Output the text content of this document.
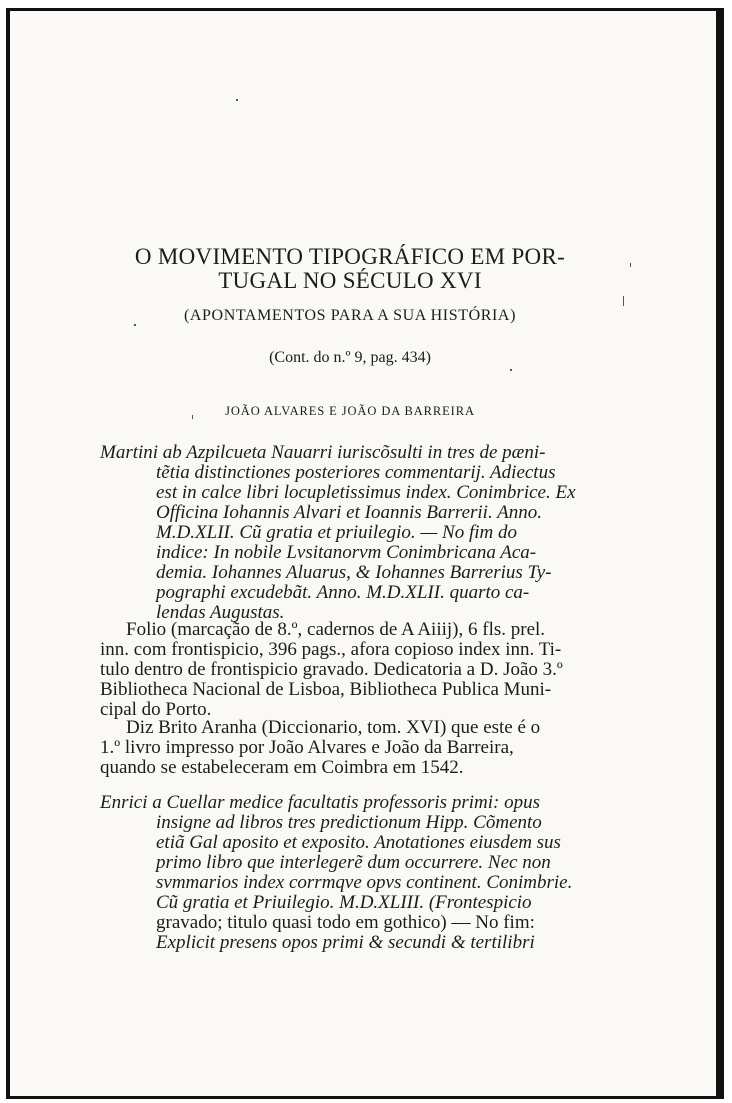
O MOVIMENTO TIPOGRÁFICO EM POR-
TUGAL NO SÉCULO XVI
(APONTAMENTOS PARA A SUA HISTÓRIA)
(Cont. do n.º 9, pag. 434)
JOÃO ALVARES E JOÃO DA BARREIRA
Martini ab Azpilcueta Nauarri iuriscõsulti in tres de pæni-
tẽtia distinctiones posteriores commentarij. Adiectus
est in calce libri locupletissimus index. Conimbrice. Ex
Officina Iohannis Alvari et Ioannis Barrerii. Anno.
M.D.XLII. Cũ gratia et priuilegio. — No fim do
indice: In nobile Lvsitanorvm Conimbricana Aca-
demia. Iohannes Aluarus, & Iohannes Barrerius Ty-
pographi excudebãt. Anno. M.D.XLII. quarto ca-
lendas Augustas.
Folio (marcação de 8.º, cadernos de A Aiiij), 6 fls. prel.
inn. com frontispicio, 396 pags., afora copioso index inn. Ti-
tulo dentro de frontispicio gravado. Dedicatoria a D. João 3.º
Bibliotheca Nacional de Lisboa, Bibliotheca Publica Muni-
cipal do Porto.
Diz Brito Aranha (Diccionario, tom. XVI) que este é o
1.º livro impresso por João Alvares e João da Barreira,
quando se estabeleceram em Coimbra em 1542.
Enrici a Cuellar medice facultatis professoris primi: opus
insigne ad libros tres predictionum Hipp. Cõmento
etiã Gal aposito et exposito. Anotationes eiusdem sus
primo libro que interlegerẽ dum occurrere. Nec non
svmmarios index corrmqve opvs continent. Conimbrie.
Cũ gratia et Priuilegio. M.D.XLIII. (Frontespicio
gravado; titulo quasi todo em gothico) — No fim:
Explicit presens opos primi & secundi & tertilibri
